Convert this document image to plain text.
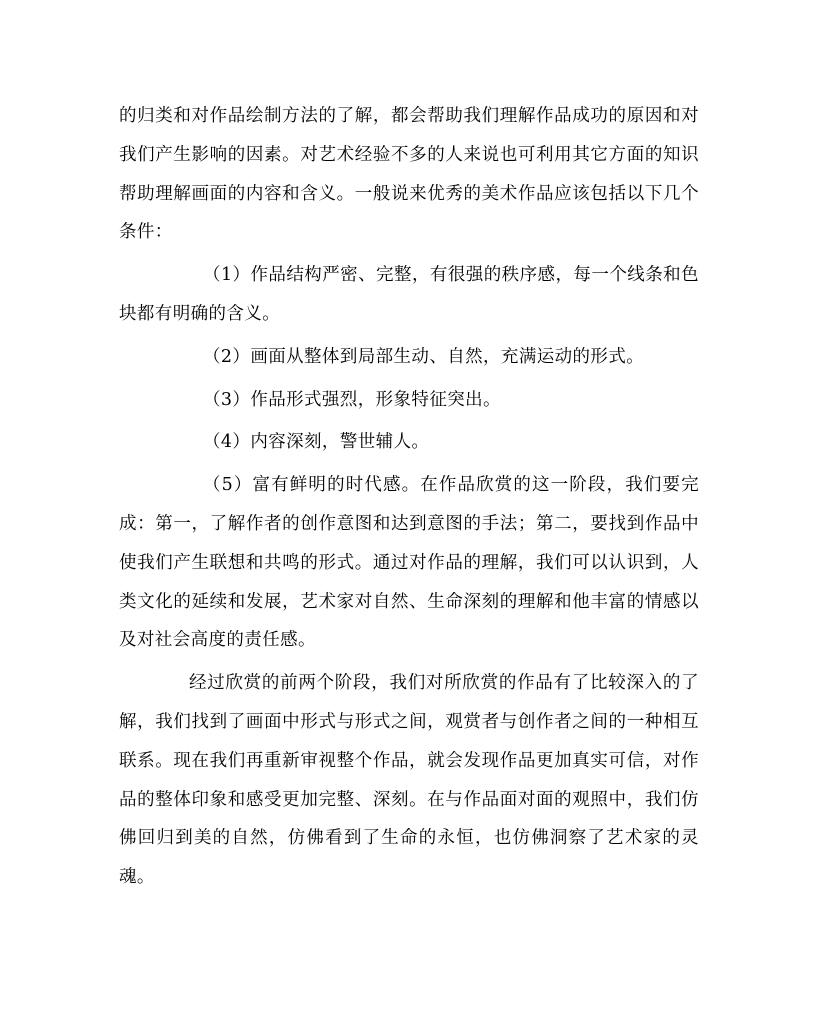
的归类和对作品绘制方法的了解，都会帮助我们理解作品成功的原因和对我们产生影响的因素。对艺术经验不多的人来说也可利用其它方面的知识帮助理解画面的内容和含义。一般说来优秀的美术作品应该包括以下几个条件：

（1）作品结构严密、完整，有很强的秩序感，每一个线条和色块都有明确的含义。

（2）画面从整体到局部生动、自然，充满运动的形式。

（3）作品形式强烈，形象特征突出。

（4）内容深刻，警世辅人。

（5）富有鲜明的时代感。在作品欣赏的这一阶段，我们要完成：第一，了解作者的创作意图和达到意图的手法；第二，要找到作品中使我们产生联想和共鸣的形式。通过对作品的理解，我们可以认识到，人类文化的延续和发展，艺术家对自然、生命深刻的理解和他丰富的情感以及对社会高度的责任感。

经过欣赏的前两个阶段，我们对所欣赏的作品有了比较深入的了解，我们找到了画面中形式与形式之间，观赏者与创作者之间的一种相互联系。现在我们再重新审视整个作品，就会发现作品更加真实可信，对作品的整体印象和感受更加完整、深刻。在与作品面对面的观照中，我们仿佛回归到美的自然，仿佛看到了生命的永恒，也仿佛洞察了艺术家的灵魂。
